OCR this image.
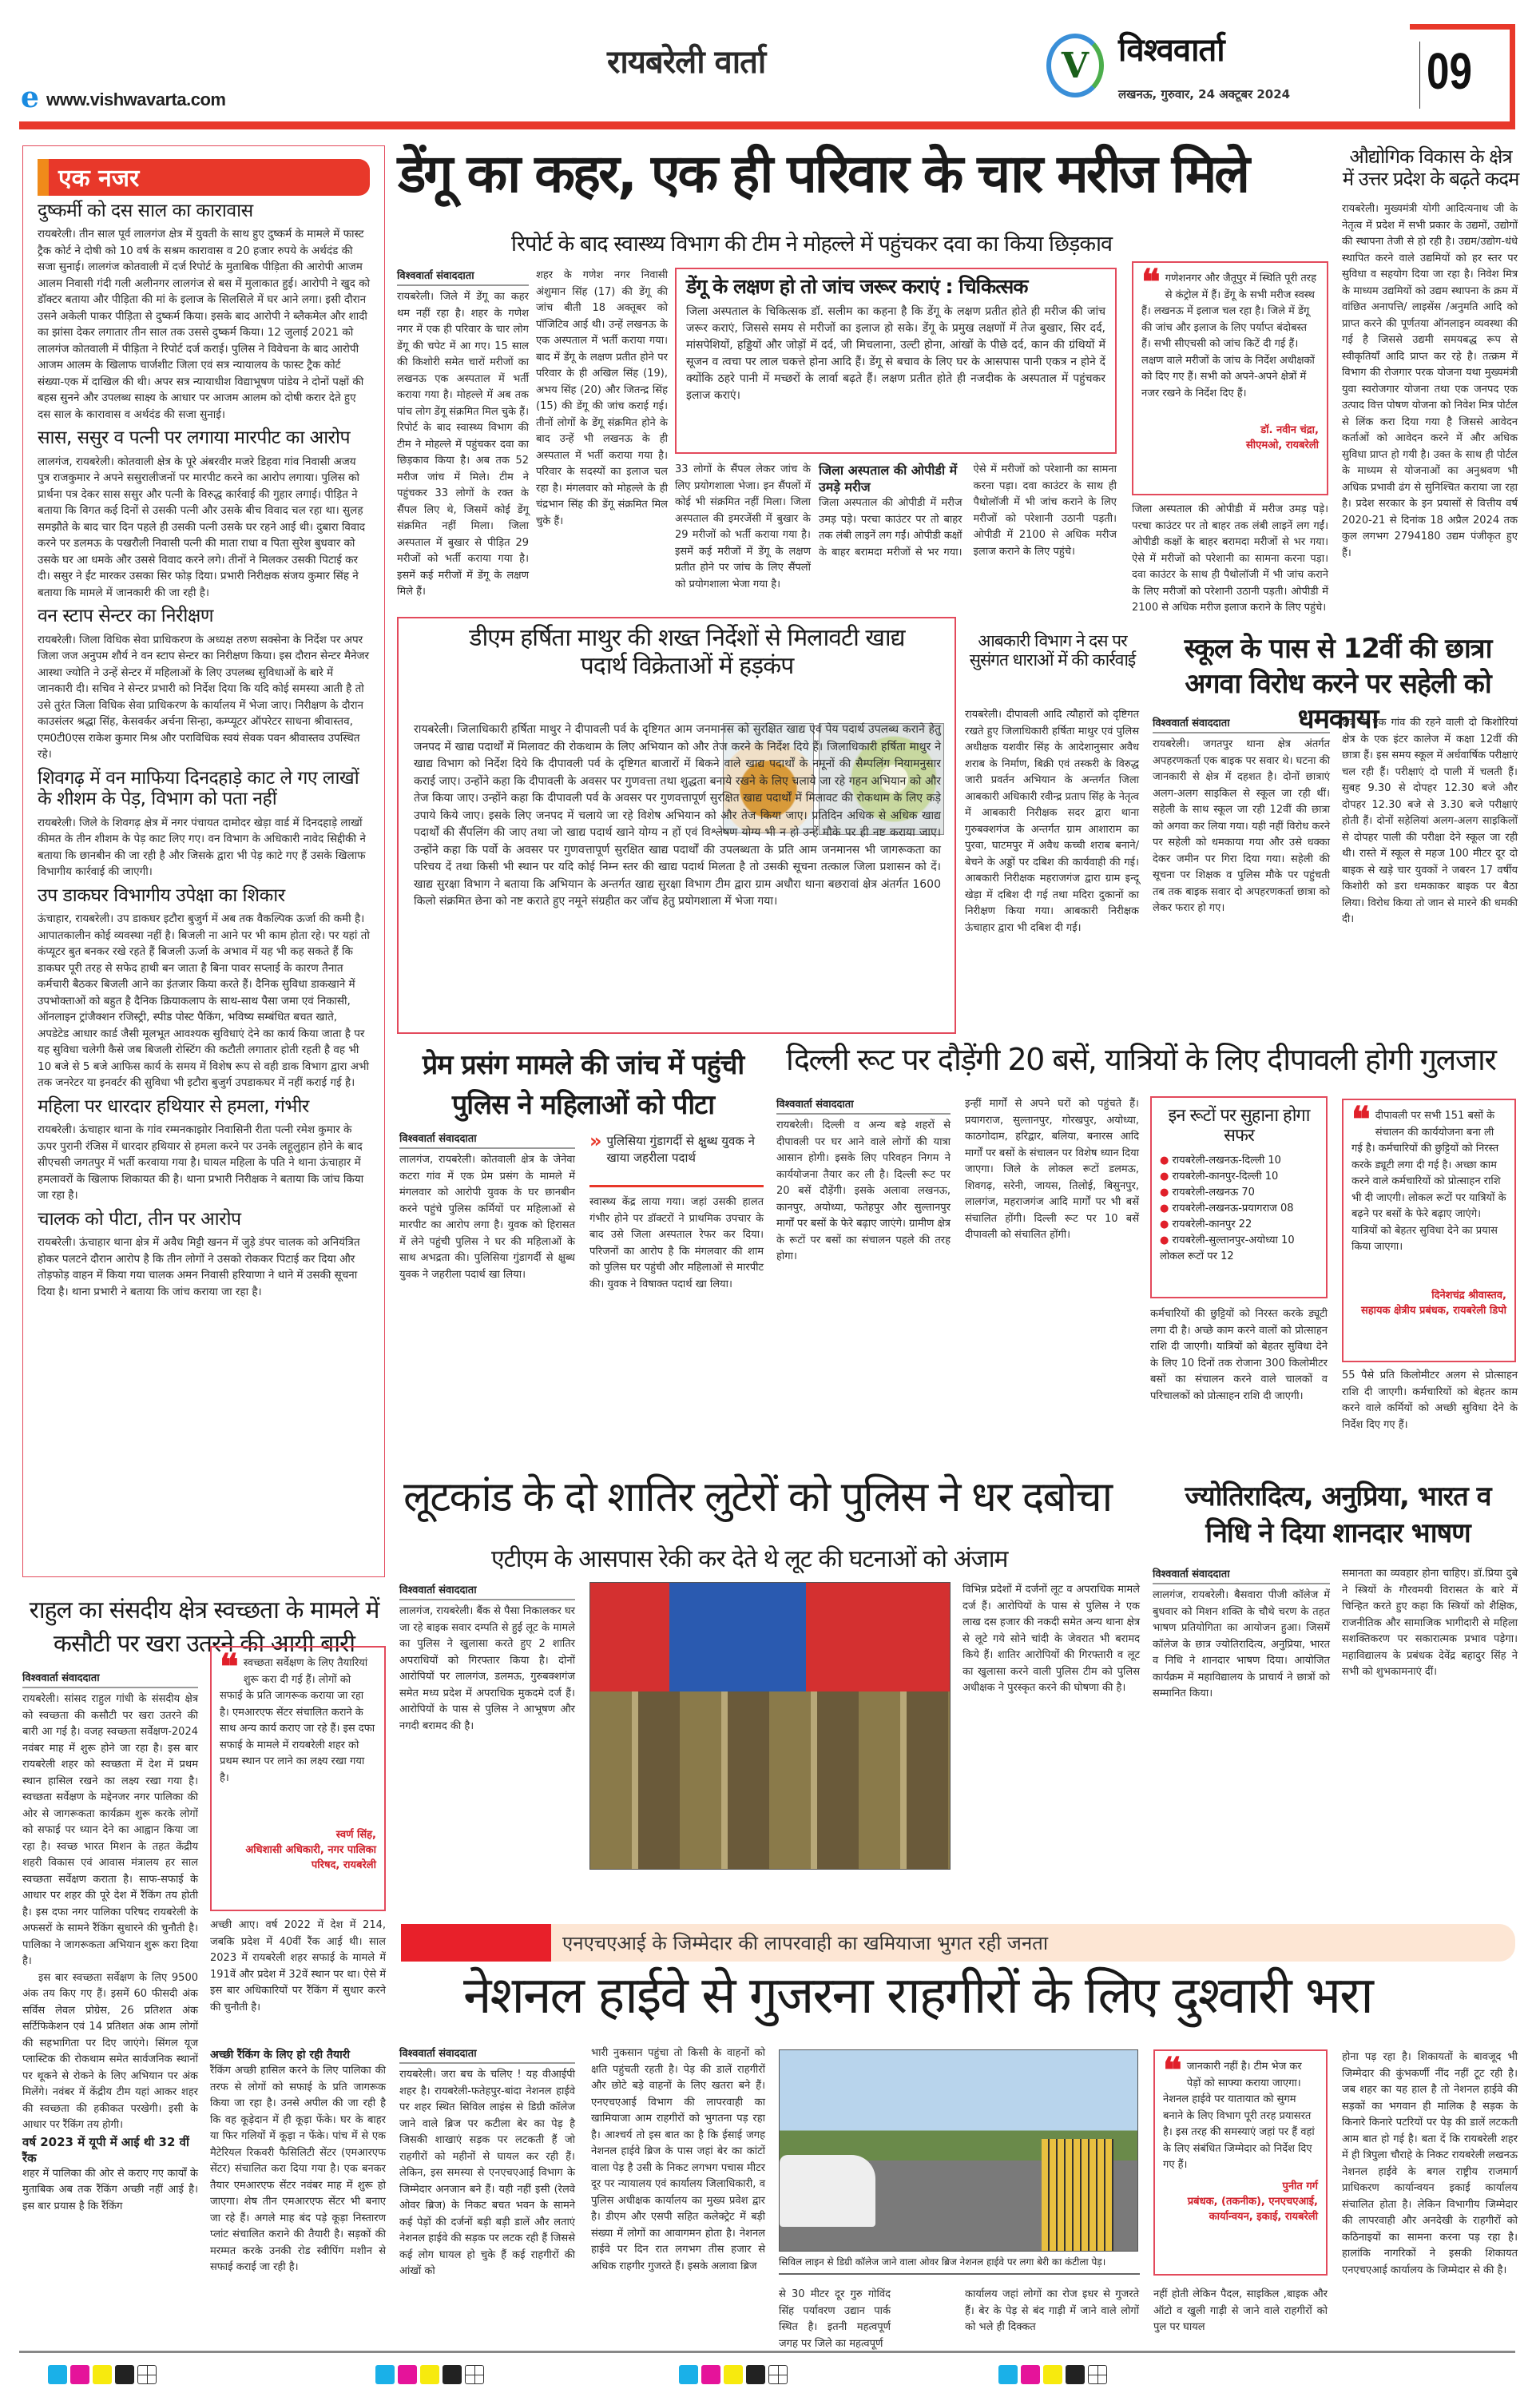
e www.vishwavarta.com
रायबरेली वार्ता	V विश्ववार्ता
लखनऊ, गुरुवार, 24 अक्टूबर 2024	09
एक नजर
दुष्कर्मी को दस साल का कारावास
रायबरेली। तीन साल पूर्व लालगंज क्षेत्र में युवती के साथ हुए दुष्कर्म के मामले में फास्ट ट्रैक कोर्ट ने दोषी को 10 वर्ष के सश्रम कारावास व 20 हजार रुपये के अर्थदंड की सजा सुनाई। लालगंज कोतवाली में दर्ज रिपोर्ट के मुताबिक पीड़िता की आरोपी आजम आलम निवासी गंदी गली अलीनगर लालगंज से बस में मुलाकात हुई। आरोपी ने खुद को डॉक्टर बताया और पीड़िता की मां के इलाज के सिलसिले में घर आने लगा। इसी दौरान उसने अकेली पाकर पीड़िता से दुष्कर्म किया। इसके बाद आरोपी ने ब्लैकमेल और शादी का झांसा देकर लगातार तीन साल तक उससे दुष्कर्म किया। 12 जुलाई 2021 को लालगंज कोतवाली में पीड़िता ने रिपोर्ट दर्ज कराई। पुलिस ने विवेचना के बाद आरोपी आजम आलम के खिलाफ चार्जशीट जिला एवं सत्र न्यायालय के फास्ट ट्रैक कोर्ट संख्या-एक में दाखिल की थी। अपर सत्र न्यायाधीश विद्याभूषण पांडेय ने दोनों पक्षों की बहस सुनने और उपलब्ध साक्ष्य के आधार पर आजम आलम को दोषी करार देते हुए दस साल के कारावास व अर्थदंड की सजा सुनाई।
सास, ससुर व पत्नी पर लगाया मारपीट का आरोप
लालगंज, रायबरेली। कोतवाली क्षेत्र के पूरे अंबरवीर मजरे डिहवा गांव निवासी अजय पुत्र राजकुमार ने अपने ससुरालीजनों पर मारपीट करने का आरोप लगाया। पुलिस को प्रार्थना पत्र देकर सास ससुर और पत्नी के विरुद्ध कार्रवाई की गुहार लगाई। पीड़ित ने बताया कि विगत कई दिनों से उसकी पत्नी और उसके बीच विवाद चल रहा था। सुलह समझौते के बाद चार दिन पहले ही उसकी पत्नी उसके घर रहने आई थी। दुबारा विवाद करने पर डलमऊ के पखरौली निवासी पत्नी की माता राधा व पिता सुरेश बुधवार को उसके घर आ धमके और उससे विवाद करने लगे। तीनों ने मिलकर उसकी पिटाई कर दी। ससुर ने ईंट मारकर उसका सिर फोड़ दिया। प्रभारी निरीक्षक संजय कुमार सिंह ने बताया कि मामले में जानकारी की जा रही है।
वन स्टाप सेन्टर का निरीक्षण
रायबरेली। जिला विधिक सेवा प्राधिकरण के अध्यक्ष तरुण सक्सेना के निर्देश पर अपर जिला जज अनुपम शौर्य ने वन स्टाप सेन्टर का निरीक्षण किया। इस दौरान सेन्टर मैनेजर आस्था ज्योति ने उन्हें सेन्टर में महिलाओं के लिए उपलब्ध सुविधाओं के बारे में जानकारी दी। सचिव ने सेन्टर प्रभारी को निर्देश दिया कि यदि कोई समस्या आती है तो उसे तुरंत जिला विधिक सेवा प्राधिकरण के कार्यालय में भेजा जाए। निरीक्षण के दौरान काउसंलर श्रद्धा सिंह, केसवर्कर अर्चना सिन्हा, कम्प्यूटर ऑपरेटर साधना श्रीवास्तव, एम0टी0एस राकेश कुमार मिश्र और पराविधिक स्वयं सेवक पवन श्रीवास्तव उपस्थित रहे।
शिवगढ़ में वन माफिया दिनदहाड़े काट ले गए लाखों के शीशम के पेड़, विभाग को पता नहीं
रायबरेली। जिले के शिवगढ़ क्षेत्र में नगर पंचायत दामोदर खेड़ा वार्ड में दिनदहाड़े लाखों कीमत के तीन शीशम के पेड़ काट लिए गए। वन विभाग के अधिकारी नावेद सिद्दीकी ने बताया कि छानबीन की जा रही है और जिसके द्वारा भी पेड़ काटे गए हैं उसके खिलाफ विभागीय कार्रवाई की जाएगी।
उप डाकघर विभागीय उपेक्षा का शिकार
ऊंचाहार, रायबरेली। उप डाकघर इटौरा बुजुर्ग में अब तक वैकल्पिक ऊर्जा की कमी है। आपातकालीन कोई व्यवस्था नहीं है। बिजली ना आने पर भी काम होता रहे। पर यहां तो कंप्यूटर बुत बनकर रखे रहते हैं बिजली ऊर्जा के अभाव में यह भी कह सकते हैं कि डाकघर पूरी तरह से सफेद हाथी बन जाता है बिना पावर सप्लाई के कारण तैनात कर्मचारी बैठकर बिजली आने का इंतजार किया करते हैं। दैनिक सुविधा डाकखाने में उपभोक्ताओं को बहुत है दैनिक क्रियाकलाप के साथ-साथ पैसा जमा एवं निकासी, ऑनलाइन ट्रांजैक्शन रजिस्ट्री, स्पीड पोस्ट पैकिंग, भविष्य सम्बंधित बचत खाते, अपडेटेड आधार कार्ड जैसी मूलभूत आवश्यक सुविधाएं देने का कार्य किया जाता है पर यह सुविधा चलेगी कैसे जब बिजली रोस्टिंग की कटौती लगातार होती रहती है वह भी 10 बजे से 5 बजे आफिस कार्य के समय में विशेष रूप से वही डाक विभाग द्वारा अभी तक जनरेटर या इनवर्टर की सुविधा भी इटौरा बुजुर्ग उपडाकघर में नहीं कराई गई है।
महिला पर धारदार हथियार से हमला, गंभीर
रायबरेली। ऊंचाहार थाना के गांव रम्मनकाझोर निवासिनी रीता पत्नी रमेश कुमार के ऊपर पुरानी रंजिस में धारदार हथियार से हमला करने पर उनके लहूलुहान होने के बाद सीएचसी जगतपुर में भर्ती करवाया गया है। घायल महिला के पति ने थाना ऊंचाहार में हमलावरों के खिलाफ शिकायत की है। थाना प्रभारी निरीक्षक ने बताया कि जांच किया जा रहा है।
चालक को पीटा, तीन पर आरोप
रायबरेली। ऊंचाहार थाना क्षेत्र में अवैध मिट्टी खनन में जुड़े डंपर चालक को अनियंत्रित होकर पलटने दौरान आरोप है कि तीन लोगों ने उसको रोककर पिटाई कर दिया और तोड़फोड़ वाहन में किया गया चालक अमन निवासी हरियाणा ने थाने में उसकी सूचना दिया है। थाना प्रभारी ने बताया कि जांच कराया जा रहा है।
डेंगू का कहर, एक ही परिवार के चार मरीज मिले
रिपोर्ट के बाद स्वास्थ्य विभाग की टीम ने मोहल्ले में पहुंचकर दवा का किया छिड़काव
विश्ववार्ता संवाददाता
रायबरेली। जिले में डेंगू का कहर थम नहीं रहा है। शहर के गणेश नगर में एक ही परिवार के चार लोग डेंगू की चपेट में आ गए। 15 साल की किशोरी समेत चारों मरीजों का लखनऊ एक अस्पताल में भर्ती कराया गया है। मोहल्ले में अब तक पांच लोग डेंगू संक्रमित मिल चुके हैं। रिपोर्ट के बाद स्वास्थ्य विभाग की टीम ने मोहल्ले में पहुंचकर दवा का छिड़काव किया है। अब तक 52 मरीज जांच में मिले। टीम ने पहुंचकर 33 लोगों के रक्त के सैंपल लिए थे, जिसमें कोई डेंगू संक्रमित नहीं मिला। जिला अस्पताल में बुखार से पीड़ित 29 मरीजों को भर्ती कराया गया है। इसमें कई मरीजों में डेंगू के लक्षण मिले हैं।
शहर के गणेश नगर निवासी अंशुमान सिंह (17) की डेंगू की जांच बीती 18 अक्तूबर को पॉजिटिव आई थी। उन्हें लखनऊ के एक अस्पताल में भर्ती कराया गया। बाद में डेंगू के लक्षण प्रतीत होने पर परिवार के ही अखिल सिंह (19), अभय सिंह (20) और जितन्द्र सिंह (15) की डेंगू की जांच कराई गई। तीनों लोगों के डेंगू संक्रमित होने के बाद उन्हें भी लखनऊ के ही अस्पताल में भर्ती कराया गया है। परिवार के सदस्यों का इलाज चल रहा है। मंगलवार को मोहल्ले के ही चंद्रभान सिंह की डेंगू संक्रमित मिल चुके हैं।
डेंगू के लक्षण हो तो जांच जरूर कराएं : चिकित्सक
जिला अस्पताल के चिकित्सक डॉ. सलीम का कहना है कि डेंगू के लक्षण प्रतीत होते ही मरीज की जांच जरूर कराएं, जिससे समय से मरीजों का इलाज हो सके। डेंगू के प्रमुख लक्षणों में तेज बुखार, सिर दर्द, मांसपेशियों, हड्डियों और जोड़ों में दर्द, जी मिचलाना, उल्टी होना, आंखों के पीछे दर्द, कान की ग्रंथियों में सूजन व त्वचा पर लाल चकत्ते होना आदि हैं। डेंगू से बचाव के लिए घर के आसपास पानी एकत्र न होने दें क्योंकि ठहरे पानी में मच्छरों के लार्वा बढ़ते हैं। लक्षण प्रतीत होते ही नजदीक के अस्पताल में पहुंचकर इलाज कराएं।
33 लोगों के सैंपल लेकर जांच के लिए प्रयोगशाला भेजा। इन सैंपलों में कोई भी संक्रमित नहीं मिला। जिला अस्पताल की इमरजेंसी में बुखार के 29 मरीजों को भर्ती कराया गया है। इसमें कई मरीजों में डेंगू के लक्षण प्रतीत होने पर जांच के लिए सैंपलों को प्रयोगशाला भेजा गया है।
जिला अस्पताल की ओपीडी में उमड़े मरीज
जिला अस्पताल की ओपीडी में मरीज उमड़ पड़े। परचा काउंटर पर तो बाहर तक लंबी लाइनें लग गईं। ओपीडी कक्षों के बाहर बरामदा मरीजों से भर गया। ऐसे में मरीजों को परेशानी का सामना करना पड़ा। दवा काउंटर के साथ ही पैथोलॉजी में भी जांच कराने के लिए मरीजों को परेशानी उठानी पड़ती। ओपीडी में 2100 से अधिक मरीज इलाज कराने के लिए पहुंचे।
❝ गणेशनगर और जैतूपुर में स्थिति पूरी तरह से कंट्रोल में हैं। डेंगू के सभी मरीज स्वस्थ हैं। लखनऊ में इलाज चल रहा है। जिले में डेंगू की जांच और इलाज के लिए पर्याप्त बंदोबस्त हैं। सभी सीएचसी को जांच किटें दी गई हैं। लक्षण वाले मरीजों के जांच के निर्देश अधीक्षकों को दिए गए हैं। सभी को अपने-अपने क्षेत्रों में नजर रखने के निर्देश दिए हैं।
डॉ. नवीन चंद्रा,
सीएमओ, रायबरेली
जिला अस्पताल की ओपीडी में मरीज उमड़ पड़े। परचा काउंटर पर तो बाहर तक लंबी लाइनें लग गईं। ओपीडी कक्षों के बाहर बरामदा मरीजों से भर गया। ऐसे में मरीजों को परेशानी का सामना करना पड़ा। दवा काउंटर के साथ ही पैथोलॉजी में भी जांच कराने के लिए मरीजों को परेशानी उठानी पड़ती। ओपीडी में 2100 से अधिक मरीज इलाज कराने के लिए पहुंचे।
औद्योगिक विकास के क्षेत्र में उत्तर प्रदेश के बढ़ते कदम
रायबरेली। मुख्यमंत्री योगी आदित्यनाथ जी के नेतृत्व में प्रदेश में सभी प्रकार के उद्यमों, उद्योगों की स्थापना तेजी से हो रही है। उद्यम/उद्योग-धंधे स्थापित करने वाले उद्यमियों को हर स्तर पर सुविधा व सहयोग दिया जा रहा है। निवेश मित्र के माध्यम उद्यमियों को उद्यम स्थापना के क्रम में वांछित अनापत्ति/ लाइसेंस /अनुमति आदि को प्राप्त करने की पूर्णतया ऑनलाइन व्यवस्था की गई है जिससे उद्यमी समयबद्ध रूप से स्वीकृतियाँ आदि प्राप्त कर रहे है। तत्क्रम में विभाग की रोजगार परक योजना यथा मुख्यमंत्री युवा स्वरोजगार योजना तथा एक जनपद एक उत्पाद वित्त पोषण योजना को निवेश मित्र पोर्टल से लिंक करा दिया गया है जिससे आवेदन कर्ताओं को आवेदन करने में और अधिक सुविधा प्राप्त हो गयी है। उक्त के साथ ही पोर्टल के माध्यम से योजनाओं का अनुश्रवण भी अधिक प्रभावी ढंग से सुनिश्चित कराया जा रहा है। प्रदेश सरकार के इन प्रयासों से वित्तीय वर्ष 2020-21 से दिनांक 18 अप्रैल 2024 तक कुल लगभग 2794180 उद्यम पंजीकृत हुए हैं।
डीएम हर्षिता माथुर की शख्त निर्देशों से मिलावटी खाद्य पदार्थ विक्रेताओं में हड़कंप
रायबरेली। जिलाधिकारी हर्षिता माथुर ने दीपावली पर्व के दृष्टिगत आम जनमानस को सुरक्षित खाद्य एवं पेय पदार्थ उपलब्ध कराने हेतु जनपद में खाद्य पदार्थों में मिलावट की रोकथाम के लिए अभियान को और तेज करने के निर्देश दिये हैं। जिलाधिकारी हर्षिता माथुर ने खाद्य विभाग को निर्देश दिये कि दीपावली पर्व के दृष्टिगत बाजारों में बिकने वाले खाद्य पदार्थों के नमूनों की सैम्पलिंग नियामनुसार कराई जाए। उन्होंने कहा कि दीपावली के अवसर पर गुणवत्ता तथा शुद्धता बनाये रखने के लिए चलाये जा रहे गहन अभियान को और तेज किया जाए। उन्होंने कहा कि दीपावली पर्व के अवसर पर गुणवत्तापूर्ण सुरक्षित खाद्य पदार्थों में मिलावट की रोकथाम के लिए कड़े उपाये किये जाए। इसके लिए जनपद में चलाये जा रहे विशेष अभियान को और तेज किया जाए। प्रतिदिन अधिक से अधिक खाद्य पदार्थों की सैंपलिंग की जाए तथा जो खाद्य पदार्थ खाने योग्य न हों एवं विश्लेषण योग्य भी न हो उन्हें मौके पर ही नष्ट कराया जाए। उन्होंने कहा कि पर्वो के अवसर पर गुणवत्तापूर्ण सुरक्षित खाद्य पदार्थों की उपलब्धता के प्रति आम जनमानस भी जागरूकता का परिचय दें तथा किसी भी स्थान पर यदि कोई निम्न स्तर की खाद्य पदार्थ मिलता है तो उसकी सूचना तत्काल जिला प्रशासन को दें। खाद्य सुरक्षा विभाग ने बताया कि अभियान के अन्तर्गत खाद्य सुरक्षा विभाग टीम द्वारा ग्राम अधौरा थाना बछरावां क्षेत्र अंतर्गत 1600 किलो संक्रमित छेना को नष्ट कराते हुए नमूने संग्रहीत कर जॉच हेतु प्रयोगशाला में भेजा गया।
आबकारी विभाग ने दस पर सुसंगत धाराओं में की कार्रवाई
रायबरेली। दीपावली आदि त्यौहारों को दृष्टिगत रखते हुए जिलाधिकारी हर्षिता माथुर एवं पुलिस अधीक्षक यशवीर सिंह के आदेशानुसार अवैध शराब के निर्माण, बिक्री एवं तस्करी के विरुद्ध जारी प्रवर्तन अभियान के अन्तर्गत जिला आबकारी अधिकारी रवीन्द्र प्रताप सिंह के नेतृत्व में आबकारी निरीक्षक सदर द्वारा थाना गुरुबक्शगंज के अन्तर्गत ग्राम आशाराम का पुरवा, घाटमपुर में अवैध कच्ची शराब बनाने/बेचने के अड्डों पर दबिश की कार्यवाही की गई। आबकारी निरीक्षक महराजगंज द्वारा ग्राम इन्दू खेड़ा में दबिश दी गई तथा मदिरा दुकानों का निरीक्षण किया गया। आबकारी निरीक्षक ऊंचाहार द्वारा भी दबिश दी गई।
स्कूल के पास से 12वीं की छात्रा अगवा विरोध करने पर सहेली को धमकाया
विश्ववार्ता संवाददाता
रायबरेली। जगतपुर थाना क्षेत्र अंतर्गत अपहरणकर्ता एक बाइक पर सवार थे। घटना की जानकारी से क्षेत्र में दहशत है। दोनों छात्राएं अलग-अलग साइकिल से स्कूल जा रही थीं। सहेली के साथ स्कूल जा रही 12वीं की छात्रा को अगवा कर लिया गया। यही नहीं विरोध करने पर सहेली को धमकाया गया और उसे धक्का देकर जमीन पर गिरा दिया गया। सहेली की सूचना पर शिक्षक व पुलिस मौके पर पहुंचती तब तक बाइक सवार दो अपहरणकर्ता छात्रा को लेकर फरार हो गए।
क्षेत्र के एक गांव की रहने वाली दो किशोरियां क्षेत्र के एक इंटर कालेज में कक्षा 12वीं की छात्रा हैं। इस समय स्कूल में अर्धवार्षिक परीक्षाएं चल रही हैं। परीक्षाएं दो पाली में चलती हैं। सुबह 9.30 से दोपहर 12.30 बजे और दोपहर 12.30 बजे से 3.30 बजे परीक्षाएं होती हैं। दोनों सहेलियां अलग-अलग साइकिलों से दोपहर पाली की परीक्षा देने स्कूल जा रही थी। रास्ते में स्कूल से महज 100 मीटर दूर दो बाइक से खड़े चार युवकों ने जबरन 17 वर्षीय किशोरी को डरा धमकाकर बाइक पर बैठा लिया। विरोध किया तो जान से मारने की धमकी दी।
प्रेम प्रसंग मामले की जांच में पहुंची पुलिस ने महिलाओं को पीटा
विश्ववार्ता संवाददाता
लालगंज, रायबरेली। कोतवाली क्षेत्र के जेनेवा कटरा गांव में एक प्रेम प्रसंग के मामले में मंगलवार को आरोपी युवक के घर छानबीन करने पहुंचे पुलिस कर्मियों पर महिलाओं से मारपीट का आरोप लगा है। युवक को हिरासत में लेने पहुंची पुलिस ने घर की महिलाओं के साथ अभद्रता की। पुलिसिया गुंडागर्दी से क्षुब्ध युवक ने जहरीला पदार्थ खा लिया।
» पुलिसिया गुंडागर्दी से क्षुब्ध युवक ने खाया जहरीला पदार्थ
स्वास्थ्य केंद्र लाया गया। जहां उसकी हालत गंभीर होने पर डॉक्टरों ने प्राथमिक उपचार के बाद उसे जिला अस्पताल रेफर कर दिया। परिजनों का आरोप है कि मंगलवार की शाम को पुलिस घर पहुंची और महिलाओं से मारपीट की। युवक ने विषाक्त पदार्थ खा लिया।
दिल्ली रूट पर दौड़ेंगी 20 बसें, यात्रियों के लिए दीपावली होगी गुलजार
विश्ववार्ता संवाददाता
रायबरेली। दिल्ली व अन्य बड़े शहरों से दीपावली पर घर आने वाले लोगों की यात्रा आसान होगी। इसके लिए परिवहन निगम ने कार्ययोजना तैयार कर ली है। दिल्ली रूट पर 20 बसें दौड़ेंगी। इसके अलावा लखनऊ, कानपुर, अयोध्या, फतेहपुर और सुल्तानपुर मार्गों पर बसों के फेरे बढ़ाए जाएंगे। ग्रामीण क्षेत्र के रूटों पर बसों का संचालन पहले की तरह होगा।
इन्हीं मार्गों से अपने घरों को पहुंचते हैं। प्रयागराज, सुल्तानपुर, गोरखपुर, अयोध्या, काठगोदाम, हरिद्वार, बलिया, बनारस आदि मार्गों पर बसों के संचालन पर विशेष ध्यान दिया जाएगा। जिले के लोकल रूटों डलमऊ, शिवगढ़, सरेनी, जायस, तिलोई, बिसुनपुर, लालगंज, महराजगंज आदि मार्गों पर भी बसें संचालित होंगी। दिल्ली रूट पर 10 बसें दीपावली को संचालित होंगी।
इन रूटों पर सुहाना होगा सफर
● रायबरेली-लखनऊ-दिल्ली 10
● रायबरेली-कानपुर-दिल्ली 10
● रायबरेली-लखनऊ 70
● रायबरेली-लखनऊ-प्रयागराज 08
● रायबरेली-कानपुर 22
● रायबरेली-सुल्तानपुर-अयोध्या 10
लोकल रूटों पर 12
कर्मचारियों की छुट्टियों को निरस्त करके ड्यूटी लगा दी है। अच्छे काम करने वालों को प्रोत्साहन राशि दी जाएगी। यात्रियों को बेहतर सुविधा देने के लिए 10 दिनों तक रोजाना 300 किलोमीटर बसों का संचालन करने वाले चालकों व परिचालकों को प्रोत्साहन राशि दी जाएगी।
❝ दीपावली पर सभी 151 बसों के संचालन की कार्ययोजना बना ली गई है। कर्मचारियों की छुट्टियों को निरस्त करके ड्यूटी लगा दी गई है। अच्छा काम करने वाले कर्मचारियों को प्रोत्साहन राशि भी दी जाएगी। लोकल रूटों पर यात्रियों के बढ़ने पर बसों के फेरे बढ़ाए जाएंगे। यात्रियों को बेहतर सुविधा देने का प्रयास किया जाएगा।
दिनेशचंद्र श्रीवास्तव,
सहायक क्षेत्रीय प्रबंधक, रायबरेली डिपो
55 पैसे प्रति किलोमीटर अलग से प्रोत्साहन राशि दी जाएगी। कर्मचारियों को बेहतर काम करने वाले कर्मियों को अच्छी सुविधा देने के निर्देश दिए गए हैं।
लूटकांड के दो शातिर लुटेरों को पुलिस ने धर दबोचा
एटीएम के आसपास रेकी कर देते थे लूट की घटनाओं को अंजाम
विश्ववार्ता संवाददाता
लालगंज, रायबरेली। बैंक से पैसा निकालकर घर जा रहे बाइक सवार दम्पति से हुई लूट के मामले का पुलिस ने खुलासा करते हुए 2 शातिर अपराधियों को गिरफ्तार किया है। दोनों आरोपियों पर लालगंज, डलमऊ, गुरुबक्शगंज समेत मध्य प्रदेश में अपराधिक मुकदमे दर्ज हैं। आरोपियों के पास से पुलिस ने आभूषण और नगदी बरामद की है।
विभिन्न प्रदेशों में दर्जनों लूट व अपराधिक मामले दर्ज हैं। आरोपियों के पास से पुलिस ने एक लाख दस हजार की नकदी समेत अन्य थाना क्षेत्र से लूटे गये सोने चांदी के जेवरात भी बरामद किये हैं। शातिर आरोपियों की गिरफ्तारी व लूट का खुलासा करने वाली पुलिस टीम को पुलिस अधीक्षक ने पुरस्कृत करने की घोषणा की है।
ज्योतिरादित्य, अनुप्रिया, भारत व निधि ने दिया शानदार भाषण
विश्ववार्ता संवाददाता
लालगंज, रायबरेली। बैसवारा पीजी कॉलेज में बुधवार को मिशन शक्ति के चौथे चरण के तहत भाषण प्रतियोगिता का आयोजन हुआ। जिसमें कॉलेज के छात्र ज्योतिरादित्य, अनुप्रिया, भारत व निधि ने शानदार भाषण दिया। आयोजित कार्यक्रम में महाविद्यालय के प्राचार्य ने छात्रों को सम्मानित किया।
समानता का व्यवहार होना चाहिए। डॉ.प्रिया दुबे ने स्त्रियों के गौरवमयी विरासत के बारे में चिन्हित करते हुए कहा कि स्त्रियों को शैक्षिक, राजनीतिक और सामाजिक भागीदारी से महिला सशक्तिकरण पर सकारात्मक प्रभाव पड़ेगा। महाविद्यालय के प्रबंधक देवेंद्र बहादुर सिंह ने सभी को शुभकामनाएं दीं।
राहुल का संसदीय क्षेत्र स्वच्छता के मामले में कसौटी पर खरा उतरने की आयी बारी
विश्ववार्ता संवाददाता
रायबरेली। सांसद राहुल गांधी के संसदीय क्षेत्र को स्वच्छता की कसौटी पर खरा उतरने की बारी आ गई है। वजह स्वच्छता सर्वेक्षण-2024 नवंबर माह में शुरू होने जा रहा है। इस बार रायबरेली शहर को स्वच्छता में देश में प्रथम स्थान हासिल रखने का लक्ष्य रखा गया है। स्वच्छता सर्वेक्षण के मद्देनजर नगर पालिका की ओर से जागरूकता कार्यक्रम शुरू करके लोगों को सफाई पर ध्यान देने का आह्वान किया जा रहा है। स्वच्छ भारत मिशन के तहत केंद्रीय शहरी विकास एवं आवास मंत्रालय हर साल स्वच्छता सर्वेक्षण कराता है। साफ-सफाई के आधार पर शहर की पूरे देश में रैंकिंग तय होती है। इस दफा नगर पालिका परिषद रायबरेली के अफसरों के सामने रैंकिंग सुधारने की चुनौती है। पालिका ने जागरूकता अभियान शुरू करा दिया है।
इस बार स्वच्छता सर्वेक्षण के लिए 9500 अंक तय किए गए हैं। इसमें 60 फीसदी अंक सर्विस लेवल प्रोग्रेस, 26 प्रतिशत अंक सर्टिफिकेशन एवं 14 प्रतिशत अंक आम लोगों की सहभागिता पर दिए जाएंगे। सिंगल यूज प्लास्टिक की रोकथाम समेत सार्वजनिक स्थानों पर थूकने से रोकने के लिए अभियान पर अंक मिलेंगे। नवंबर में केंद्रीय टीम यहां आकर शहर की स्वच्छता की हकीकत परखेगी। इसी के आधार पर रैंकिंग तय होगी।
वर्ष 2023 में यूपी में आई थी 32 वीं रैंक
शहर में पालिका की ओर से कराए गए कार्यों के मुताबिक अब तक रैंकिंग अच्छी नहीं आई है। इस बार प्रयास है कि रैंकिंग
❝ स्वच्छता सर्वेक्षण के लिए तैयारियां शुरू करा दी गई हैं। लोगों को सफाई के प्रति जागरूक कराया जा रहा है। एमआरएफ सेंटर संचालित कराने के साथ अन्य कार्य कराए जा रहे हैं। इस दफा सफाई के मामले में रायबरेली शहर को प्रथम स्थान पर लाने का लक्ष्य रखा गया है।
स्वर्ण सिंह,
अधिशासी अधिकारी, नगर पालिका परिषद, रायबरेली
अच्छी आए। वर्ष 2022 में देश में 214, जबकि प्रदेश में 40वीं रैंक आई थी। साल 2023 में रायबरेली शहर सफाई के मामले में 191वें और प्रदेश में 32वें स्थान पर था। ऐसे में इस बार अधिकारियों पर रैंकिंग में सुधार करने की चुनौती है।
अच्छी रैंकिंग के लिए हो रही तैयारी
रैंकिंग अच्छी हासिल करने के लिए पालिका की तरफ से लोगों को सफाई के प्रति जागरूक किया जा रहा है। उनसे अपील की जा रही है कि वह कूड़ेदान में ही कूड़ा फेंके। घर के बाहर या फिर गलियों में कूड़ा न फेंके। पांच में से एक मैटेरियल रिकवरी फैसिलिटी सेंटर (एमआरएफ सेंटर) संचालित करा दिया गया है। एक बनकर तैयार एमआरएफ सेंटर नवंबर माह में शुरू हो जाएगा। शेष तीन एमआरएफ सेंटर भी बनाए जा रहे हैं। अगले माह बंद पड़े कूड़ा निस्तारण प्लांट संचालित कराने की तैयारी है। सड़कों की मरम्मत करके उनकी रोड स्वीपिंग मशीन से सफाई कराई जा रही है।
एनएचएआई के जिम्मेदार की लापरवाही का खमियाजा भुगत रही जनता
नेशनल हाईवे से गुजरना राहगीरों के लिए दुश्वारी भरा
विश्ववार्ता संवाददाता
रायबरेली। जरा बच के चलिए ! यह वीआईपी शहर है। रायबरेली-फतेहपुर-बांदा नेशनल हाईवे पर शहर स्थित सिविल लाइंस से डिग्री कॉलेज जाने वाले ब्रिज पर कटीला बेर का पेड़ है जिसकी शाखाएं सड़क पर लटकती हैं जो राहगीरों को महीनों से घायल कर रही हैं। लेकिन, इस समस्या से एनएचएआई विभाग के जिम्मेदार अनजान बने हैं। यही नहीं इसी (रेलवे ओवर ब्रिज) के निकट बचत भवन के सामने कई पेड़ों की दर्जनों बड़ी बड़ी डालें और लताएं नेशनल हाईवे की सड़क पर लटक रही हैं जिससे कई लोग घायल हो चुके हैं कई राहगीरों की आंखों को
भारी नुकसान पहुंचा तो किसी के वाहनों को क्षति पहुंचती रहती है। पेड़ की डालें राहगीरों और छोटे बड़े वाहनों के लिए खतरा बने हैं। एनएचएआई विभाग की लापरवाही का खामियाजा आम राहगीरों को भुगतना पड़ रहा है। आश्चर्य तो इस बात का है कि ईसाई जगह नेशनल हाईवे ब्रिज के पास जहां बेर का कांटों वाला पेड़ है उसी के निकट लगभग पचास मीटर दूर पर न्यायालय एवं कार्यालय जिलाधिकारी, व पुलिस अधीक्षक कार्यालय का मुख्य प्रवेश द्वार है। डीएम और एसपी सहित कलेक्ट्रेट में बड़ी संख्या में लोगों का आवागमन होता है। नेशनल हाईवे पर दिन रात लगभग तीस हजार से अधिक राहगीर गुजरते हैं। इसके अलावा ब्रिज	सिविल लाइन से डिग्री कॉलेज जाने वाला ओवर ब्रिज नेशनल हाईवे पर लगा बेरी का कंटीला पेड़।
से 30 मीटर दूर गुरु गोविंद सिंह पर्यावरण उद्यान पार्क स्थित है। इतनी महत्वपूर्ण जगह पर जिले का महत्वपूर्ण
कार्यालय जहां लोगों का रोज इधर से गुजरते हैं। बेर के पेड़ से बंद गाड़ी में जाने वाले लोगों को भले ही दिक्कत
❝ जानकारी नहीं है। टीम भेज कर पेड़ों को साफ्या कराया जाएगा। नेशनल हाईवे पर यातायात को सुगम बनाने के लिए विभाग पूरी तरह प्रयासरत है। इस तरह की समस्याएं जहां पर हैं वहां के लिए संबंधित जिम्मेदार को निर्देश दिए गए हैं।
पुनीत गर्ग
प्रबंधक, (तकनीक), एनएचएआई, कार्यान्वयन, इकाई, रायबरेली
नहीं होती लेकिन पैदल, साइकिल ,बाइक और ऑटो व खुली गाड़ी से जाने वाले राहगीरों को पुल पर घायल
होना पड़ रहा है। शिकायतों के बावजूद भी जिम्मेदार की कुंभकर्णी नींद नहीं टूट रही है। जब शहर का यह हाल है तो नेशनल हाईवे की सड़कों का भगवान ही मालिक है सड़क के किनारे किनारे पटरियों पर पेड़ की डालें लटकती आम बात हो गई है। बता दें कि रायबरेली शहर में ही त्रिपुला चौराहे के निकट रायबरेली लखनऊ नेशनल हाईवे के बगल राष्ट्रीय राजमार्ग प्राधिकरण कार्यान्वयन इकाई कार्यालय संचालित होता है। लेकिन विभागीय जिम्मेदार की लापरवाही और अनदेखी के राहगीरों को कठिनाइयों का सामना करना पड़ रहा है। हालांकि नागरिकों ने इसकी शिकायत एनएचएआई कार्यालय के जिम्मेदार से की है।
